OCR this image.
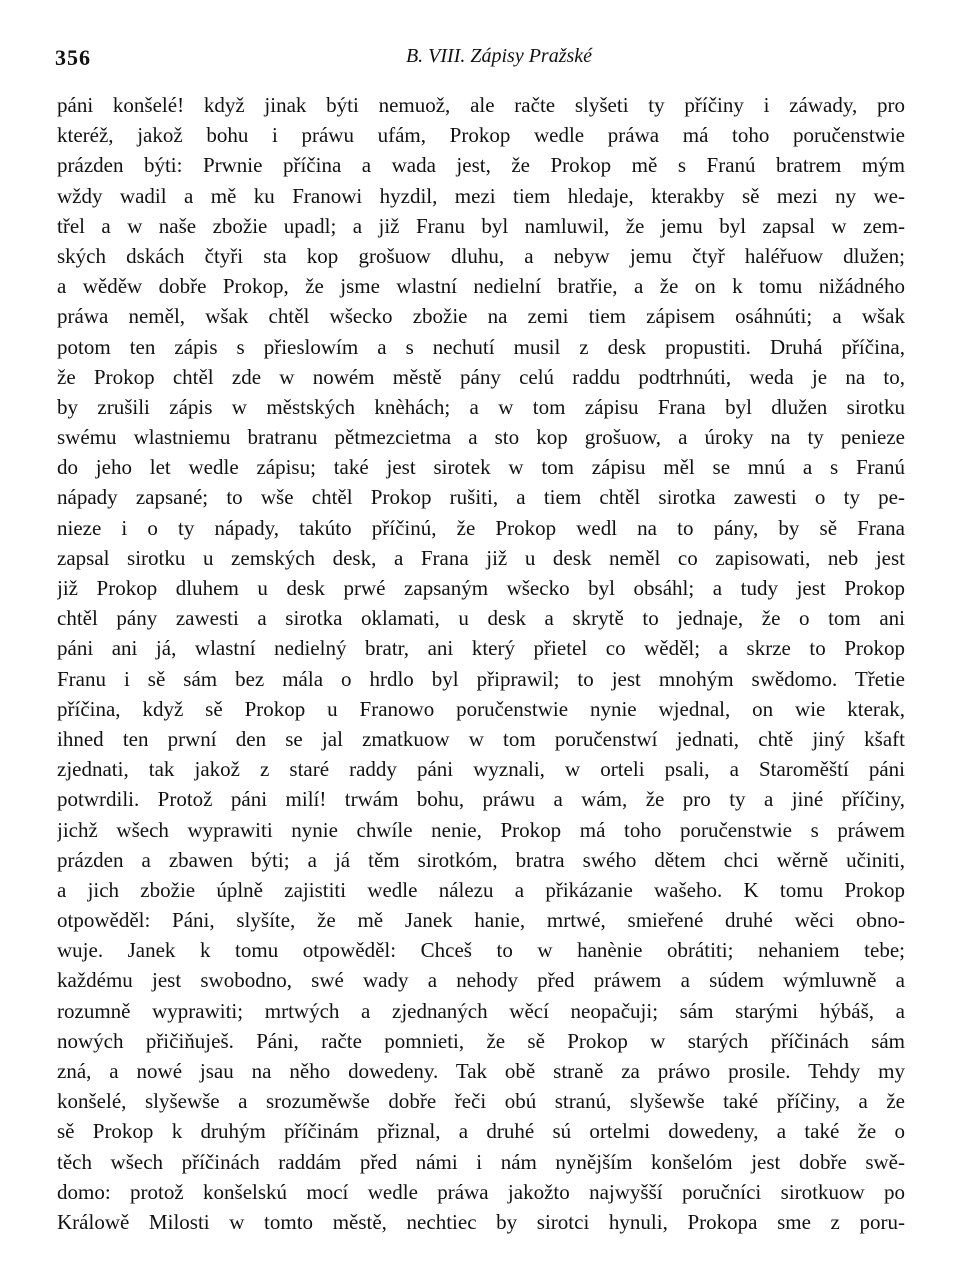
356	B. VIII. Zápisy Pražské
páni konšelé! když jinak býti nemuož, ale račte slyšeti ty příčiny i záwady, pro
kteréž, jakož bohu i práwu ufám, Prokop wedle práwa má toho poručenstwie
prázden býti: Prwnie příčina a wada jest, že Prokop mě s Franú bratrem mým
wždy wadil a mě ku Franowi hyzdil, mezi tiem hledaje, kterakby sě mezi ny we-
třel a w naše zbožie upadl; a již Franu byl namluwil, že jemu byl zapsal w zem-
ských dskách čtyři sta kop grošuow dluhu, a nebyw jemu čtyř haléřuow dlužen;
a wěděw dobře Prokop, že jsme wlastní nedielní bratřie, a že on k tomu nižádného
práwa neměl, wšak chtěl wšecko zbožie na zemi tiem zápisem osáhnúti; a wšak
potom ten zápis s přieslowím a s nechutí musil z desk propustiti. Druhá příčina,
že Prokop chtěl zde w nowém městě pány celú raddu podtrhnúti, weda je na to,
by zrušili zápis w městských knèhách; a w tom zápisu Frana byl dlužen sirotku
swému wlastniemu bratranu pětmezcietma a sto kop grošuow, a úroky na ty penieze
do jeho let wedle zápisu; také jest sirotek w tom zápisu měl se mnú a s Franú
nápady zapsané; to wše chtěl Prokop rušiti, a tiem chtěl sirotka zawesti o ty pe-
nieze i o ty nápady, takúto příčinú, že Prokop wedl na to pány, by sě Frana
zapsal sirotku u zemských desk, a Frana již u desk neměl co zapisowati, neb jest
již Prokop dluhem u desk prwé zapsaným wšecko byl obsáhl; a tudy jest Prokop
chtěl pány zawesti a sirotka oklamati, u desk a skrytě to jednaje, že o tom ani
páni ani já, wlastní nedielný bratr, ani který přietel co wěděl; a skrze to Prokop
Franu i sě sám bez mála o hrdlo byl připrawil; to jest mnohým swědomo. Třetie
příčina, když sě Prokop u Franowo poručenstwie nynie wjednal, on wie kterak,
ihned ten prwní den se jal zmatkuow w tom poručenstwí jednati, chtě jiný kšaft
zjednati, tak jakož z staré raddy páni wyznali, w orteli psali, a Staroměští páni
potwrdili. Protož páni milí! trwám bohu, práwu a wám, že pro ty a jiné příčiny,
jichž wšech wyprawiti nynie chwíle nenie, Prokop má toho poručenstwie s práwem
prázden a zbawen býti; a já těm sirotkóm, bratra swého dětem chci wěrně učiniti,
a jich zbožie úplně zajistiti wedle nálezu a přikázanie wašeho. K tomu Prokop
otpowěděl: Páni, slyšíte, že mě Janek hanie, mrtwé, smieřené druhé wěci obno-
wuje. Janek k tomu otpowěděl: Chceš to w hanènie obrátiti; nehaniem tebe;
každému jest swobodno, swé wady a nehody před práwem a súdem wýmluwně a
rozumně wyprawiti; mrtwých a zjednaných wěcí neopačuji; sám starými hýbáš, a
nowých přičiňuješ. Páni, račte pomnieti, že sě Prokop w starých příčinách sám
zná, a nowé jsau na něho dowedeny. Tak obě straně za práwo prosile. Tehdy my
konšelé, slyšewše a srozuměwše dobře řeči obú stranú, slyšewše také příčiny, a že
sě Prokop k druhým příčinám přiznal, a druhé sú ortelmi dowedeny, a také že o
těch wšech příčinách raddám před námi i nám nynějším konšelóm jest dobře swě-
domo: protož konšelskú mocí wedle práwa jakožto najwyšší poručníci sirotkuow po
Králowě Milosti w tomto městě, nechtiec by sirotci hynuli, Prokopa sme z poru-
